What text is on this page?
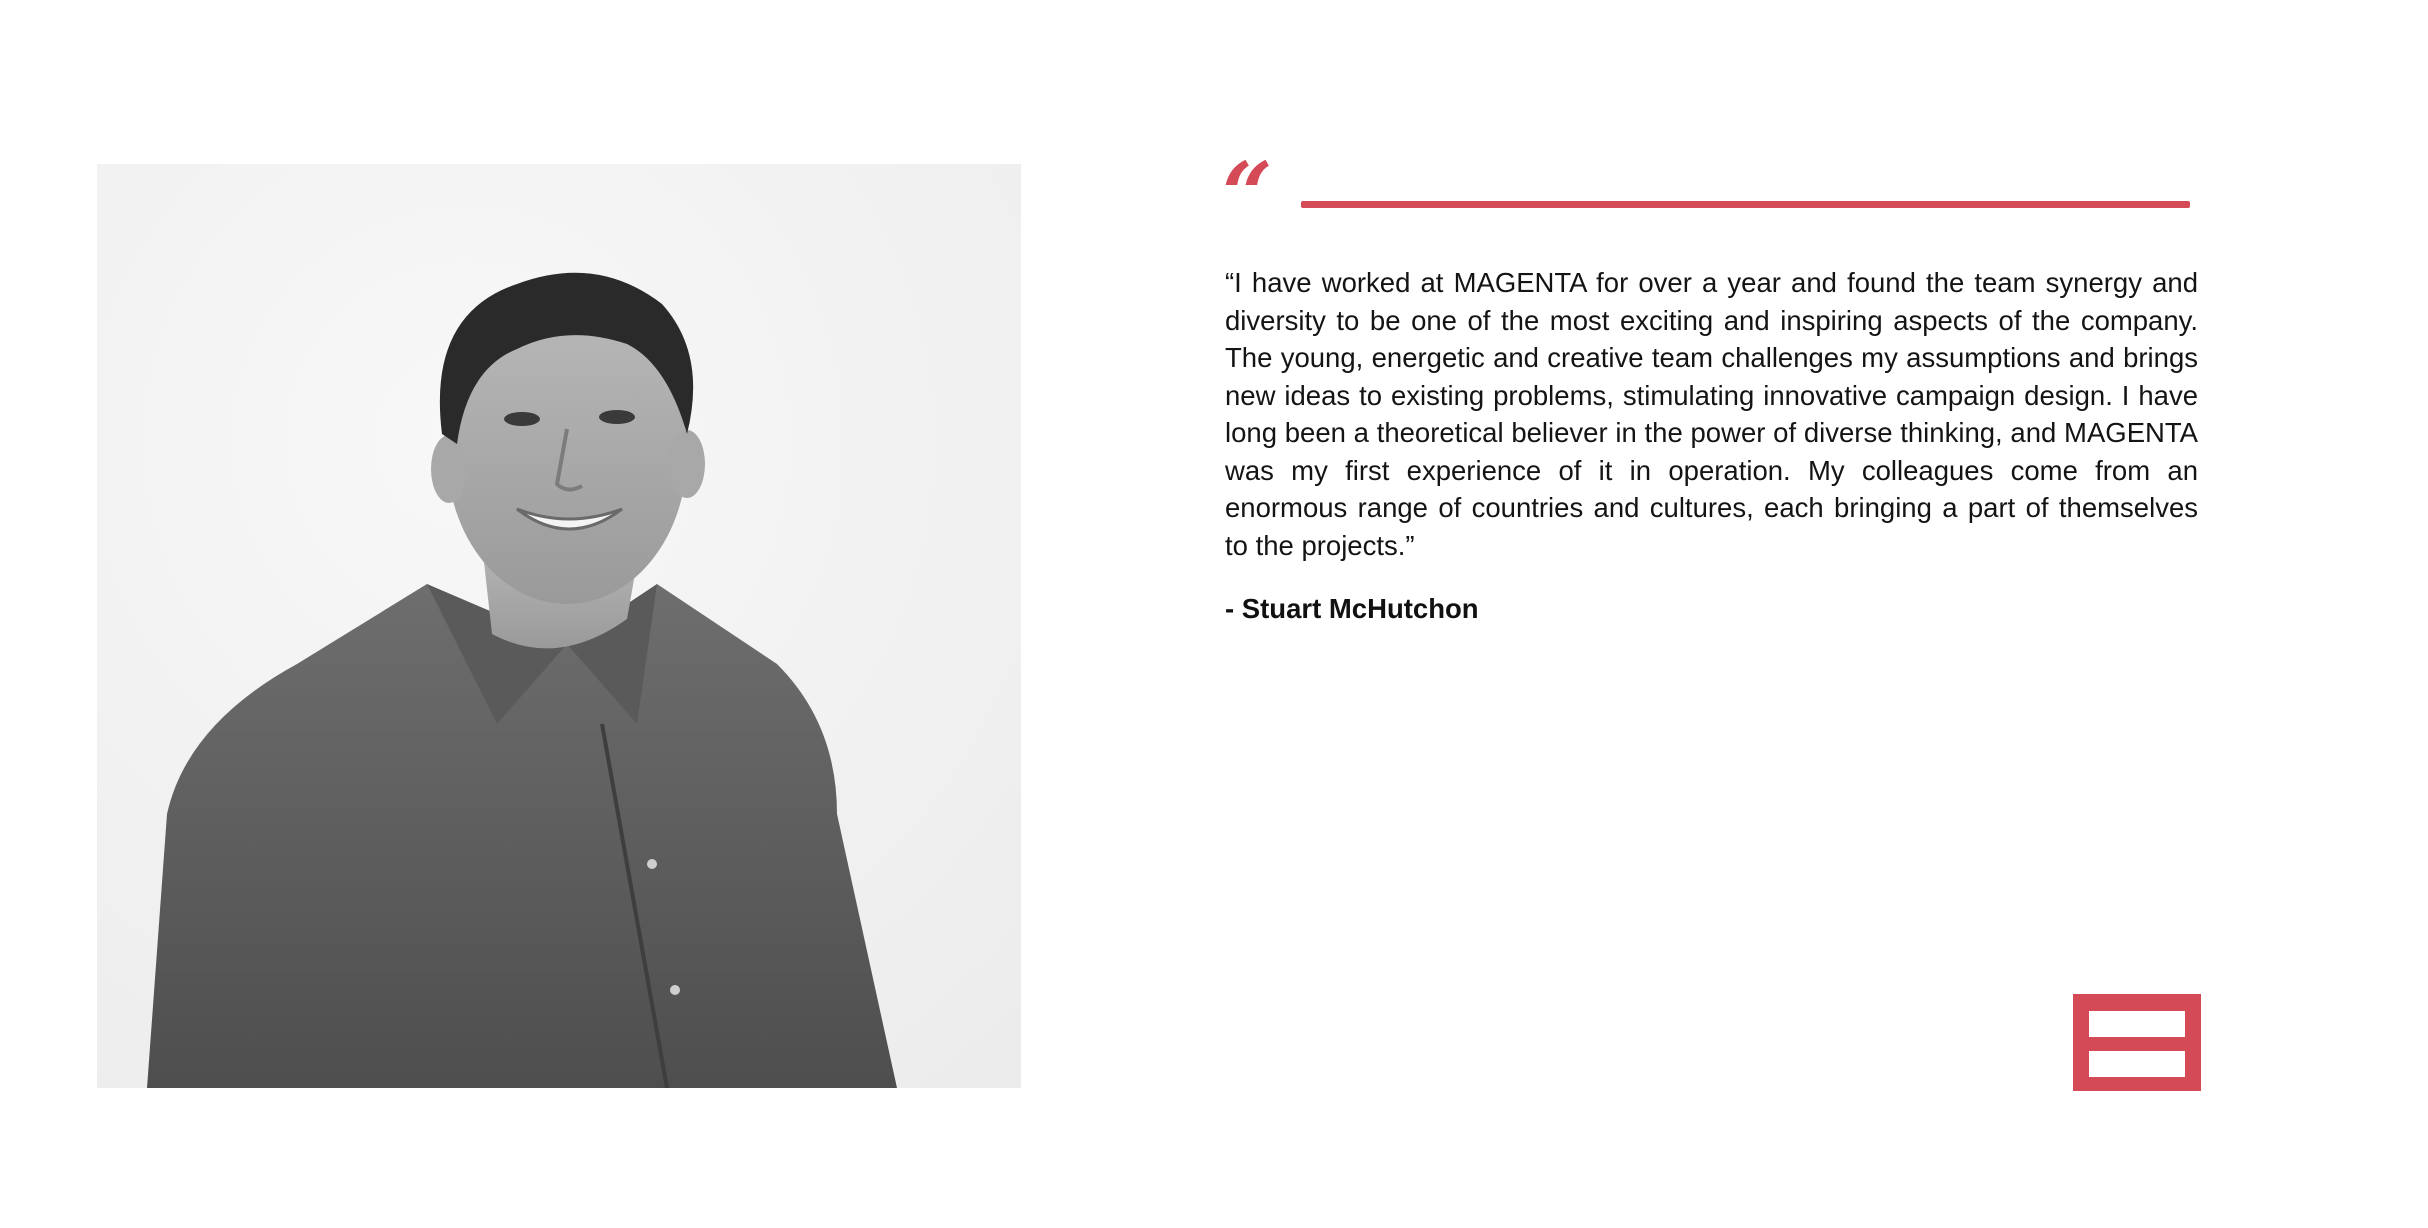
“
“I have worked at MAGENTA for over a year and found the team synergy and diversity to be one of the most exciting and inspiring aspects of the company. The young, energetic and creative team challenges my assumptions and brings new ideas to existing problems, stimulating innovative campaign design. I have long been a theoretical believer in the power of diverse thinking, and MAGENTA was my first experience of it in operation. My colleagues come from an enormous range of countries and cultures, each bringing a part of themselves to the projects.”
- Stuart McHutchon
